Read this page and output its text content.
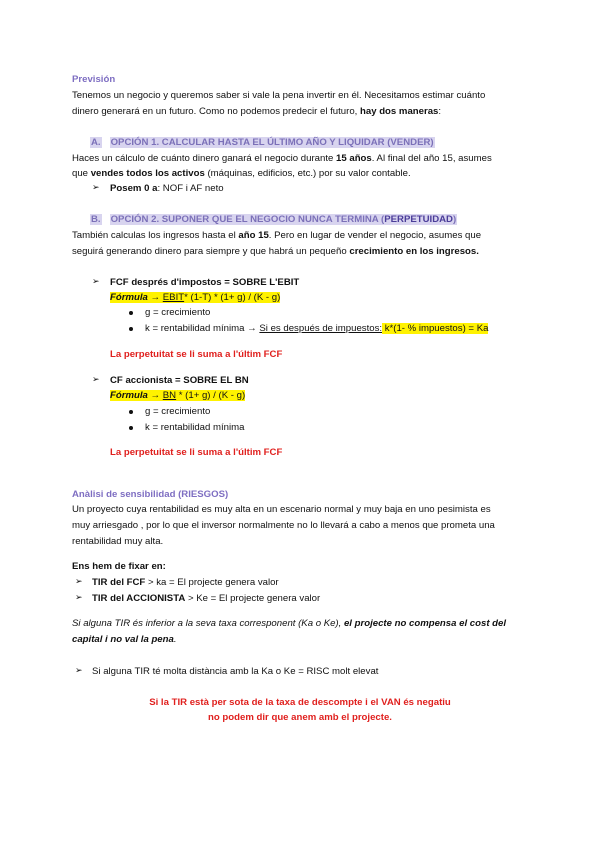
Previsión
Tenemos un negocio y queremos saber si vale la pena invertir en él. Necesitamos estimar cuánto
dinero generará en un futuro. Como no podemos predecir el futuro, hay dos maneras:
A. OPCIÓN 1. CALCULAR HASTA EL ÚLTIMO AÑO Y LIQUIDAR (VENDER)
Haces un cálculo de cuánto dinero ganará el negocio durante 15 años. Al final del año 15, asumes
que vendes todos los activos (máquinas, edificios, etc.) por su valor contable.
➢ Posem 0 a: NOF i AF neto
B. OPCIÓN 2. SUPONER QUE EL NEGOCIO NUNCA TERMINA (PERPETUIDAD)
También calculas los ingresos hasta el año 15. Pero en lugar de vender el negocio, asumes que
seguirá generando dinero para siempre y que habrá un pequeño crecimiento en los ingresos.
➢ FCF després d'impostos = SOBRE L'EBIT
Fórmula → EBIT* (1-T) * (1+ g) / (K - g)
g = crecimiento
k = rentabilidad mínima → Si es después de impuestos: k*(1- % impuestos) = Ka
La perpetuitat se li suma a l'últim FCF
➢ CF accionista = SOBRE EL BN
Fórmula → BN * (1+ g) / (K - g)
g = crecimiento
k = rentabilidad mínima
La perpetuitat se li suma a l'últim FCF
Anàlisi de sensibilidad (RIESGOS)
Un proyecto cuya rentabilidad es muy alta en un escenario normal y muy baja en uno pesimista es
muy arriesgado , por lo que el inversor normalmente no lo llevará a cabo a menos que prometa una
rentabilidad muy alta.
Ens hem de fixar en:
➢ TIR del FCF > ka = El projecte genera valor
➢ TIR del ACCIONISTA > Ke = El projecte genera valor
Si alguna TIR és inferior a la seva taxa corresponent (Ka o Ke), el projecte no compensa el cost del
capital i no val la pena.
➢ Si alguna TIR té molta distància amb la Ka o Ke = RISC molt elevat
Si la TIR està per sota de la taxa de descompte i el VAN és negatiu
no podem dir que anem amb el projecte.
